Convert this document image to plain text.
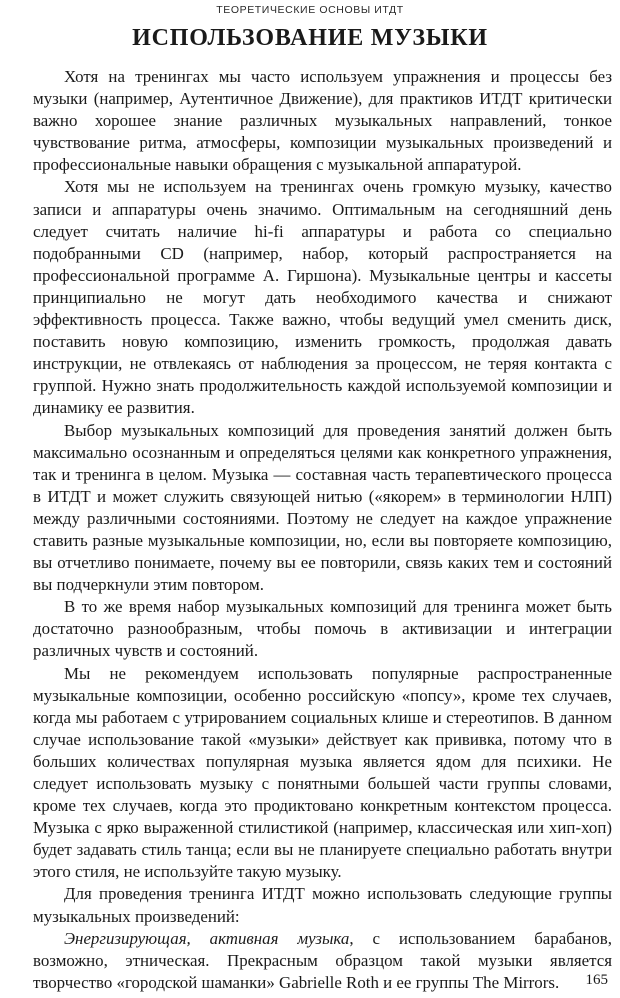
ТЕОРЕТИЧЕСКИЕ ОСНОВЫ ИТДТ
ИСПОЛЬЗОВАНИЕ МУЗЫКИ

Хотя на тренингах мы часто используем упражнения и процессы без музыки (например, Аутентичное Движение), для практиков ИТДТ критически важно хорошее знание различных музыкальных направлений, тонкое чувствование ритма, атмосферы, композиции музыкальных произведений и профессиональные навыки обращения с музыкальной аппаратурой.

Хотя мы не используем на тренингах очень громкую музыку, качество записи и аппаратуры очень значимо. Оптимальным на сегодняшний день следует считать наличие hi-fi аппаратуры и работа со специально подобранными CD (например, набор, который распространяется на профессиональной программе А. Гиршона). Музыкальные центры и кассеты принципиально не могут дать необходимого качества и снижают эффективность процесса. Также важно, чтобы ведущий умел сменить диск, поставить новую композицию, изменить громкость, продолжая давать инструкции, не отвлекаясь от наблюдения за процессом, не теряя контакта с группой. Нужно знать продолжительность каждой используемой композиции и динамику ее развития.

Выбор музыкальных композиций для проведения занятий должен быть максимально осознанным и определяться целями как конкретного упражнения, так и тренинга в целом. Музыка — составная часть терапевтического процесса в ИТДТ и может служить связующей нитью («якорем» в терминологии НЛП) между различными состояниями. Поэтому не следует на каждое упражнение ставить разные музыкальные композиции, но, если вы повторяете композицию, вы отчетливо понимаете, почему вы ее повторили, связь каких тем и состояний вы подчеркнули этим повтором.

В то же время набор музыкальных композиций для тренинга может быть достаточно разнообразным, чтобы помочь в активизации и интеграции различных чувств и состояний.

Мы не рекомендуем использовать популярные распространенные музыкальные композиции, особенно российскую «попсу», кроме тех случаев, когда мы работаем с утрированием социальных клише и стереотипов. В данном случае использование такой «музыки» действует как прививка, потому что в больших количествах популярная музыка является ядом для психики. Не следует использовать музыку с понятными большей части группы словами, кроме тех случаев, когда это продиктовано конкретным контекстом процесса. Музыка с ярко выраженной стилистикой (например, классическая или хип-хоп) будет задавать стиль танца; если вы не планируете специально работать внутри этого стиля, не используйте такую музыку.

Для проведения тренинга ИТДТ можно использовать следующие группы музыкальных произведений:

Энергизирующая, активная музыка, с использованием барабанов, возможно, этническая. Прекрасным образцом такой музыки является творчество «городской шаманки» Gabrielle Roth и ее группы The Mirrors.	165
